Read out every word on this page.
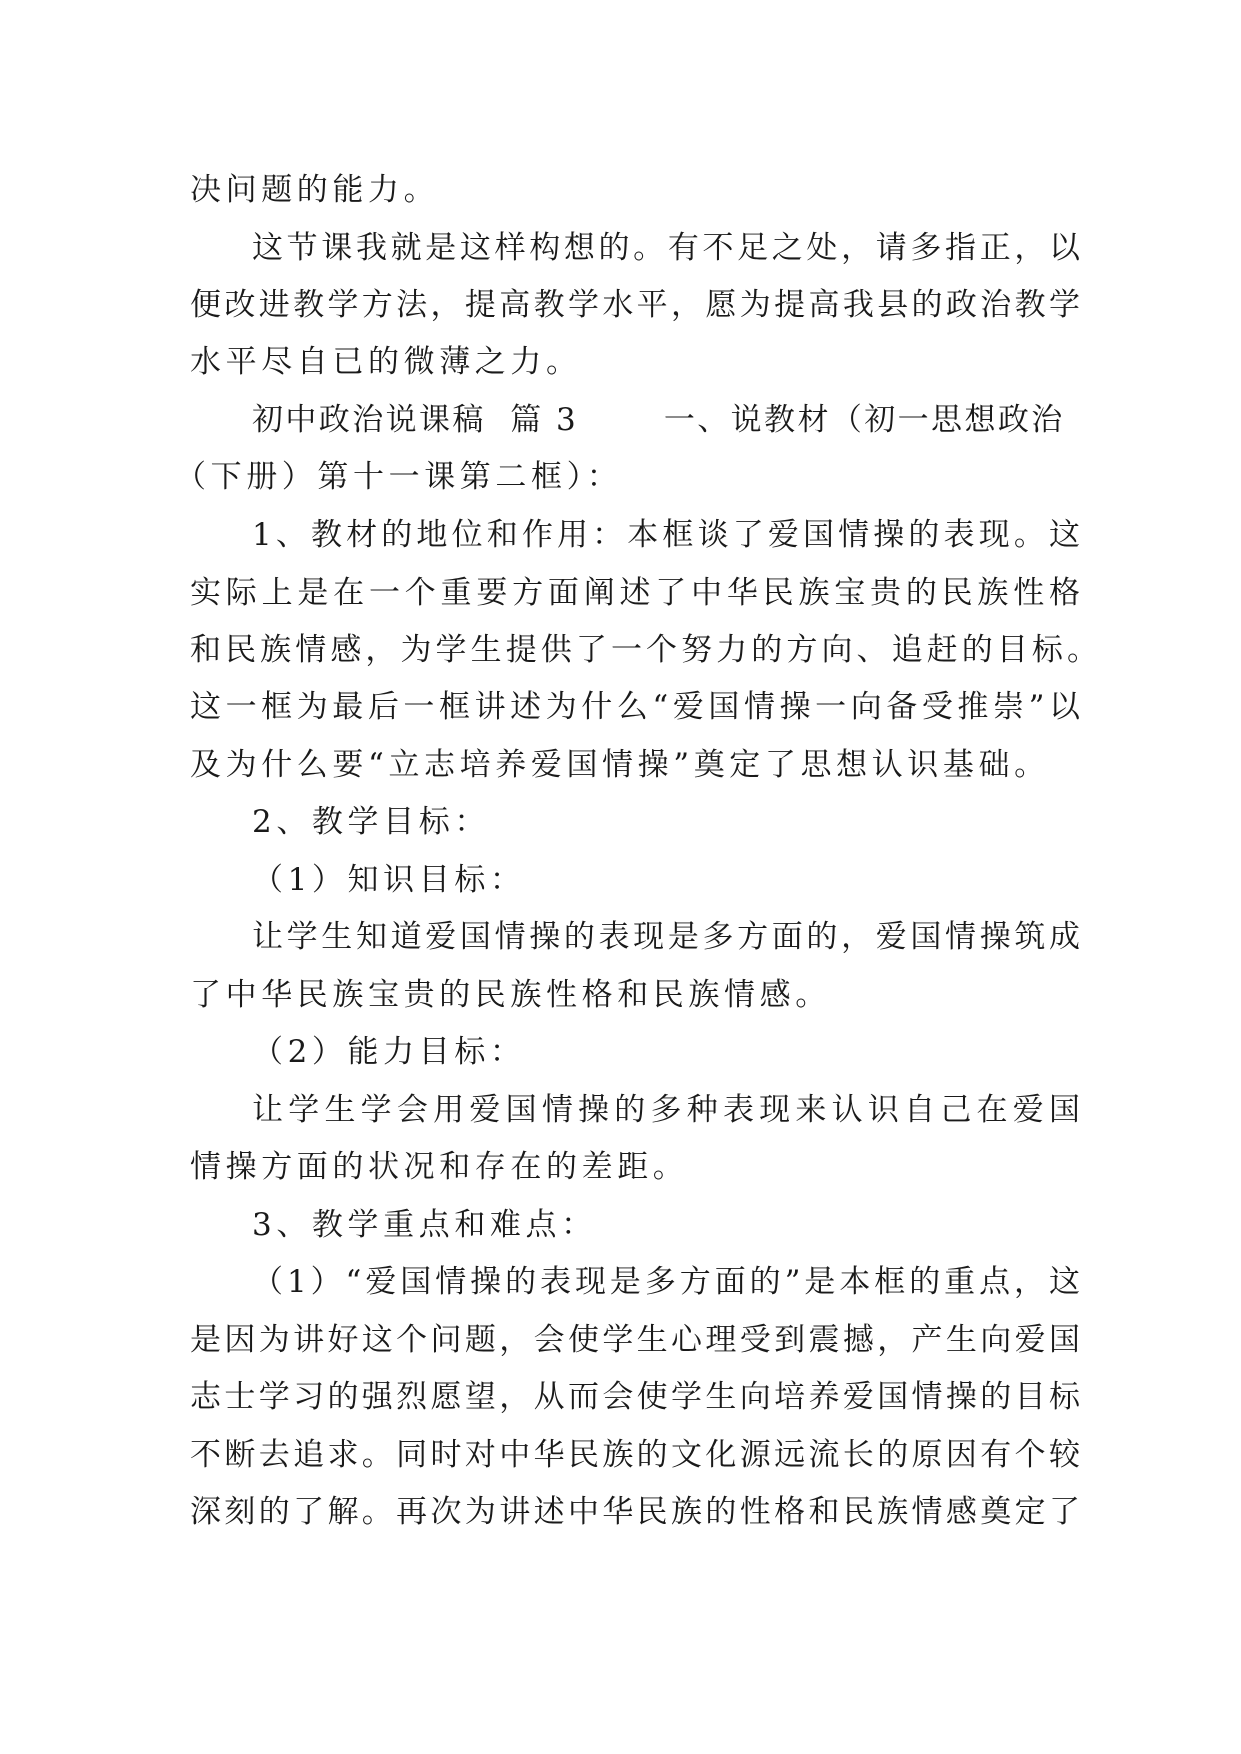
决问题的能力。

这节课我就是这样构想的。有不足之处，请多指正，以

便改进教学方法，提高教学水平，愿为提高我县的政治教学

水平尽自已的微薄之力。

初中政治说课稿  篇 3       一、说教材（初一思想政治

（下册）第十一课第二框）：

1、教材的地位和作用：本框谈了爱国情操的表现。这

实际上是在一个重要方面阐述了中华民族宝贵的民族性格

和民族情感，为学生提供了一个努力的方向、追赶的目标。

这一框为最后一框讲述为什么“爱国情操一向备受推崇”以

及为什么要“立志培养爱国情操”奠定了思想认识基础。

2、教学目标：

（1）知识目标：

让学生知道爱国情操的表现是多方面的，爱国情操筑成

了中华民族宝贵的民族性格和民族情感。

（2）能力目标：

让学生学会用爱国情操的多种表现来认识自己在爱国

情操方面的状况和存在的差距。

3、教学重点和难点：

（1）“爱国情操的表现是多方面的”是本框的重点，这

是因为讲好这个问题，会使学生心理受到震撼，产生向爱国

志士学习的强烈愿望，从而会使学生向培养爱国情操的目标

不断去追求。同时对中华民族的文化源远流长的原因有个较

深刻的了解。再次为讲述中华民族的性格和民族情感奠定了
